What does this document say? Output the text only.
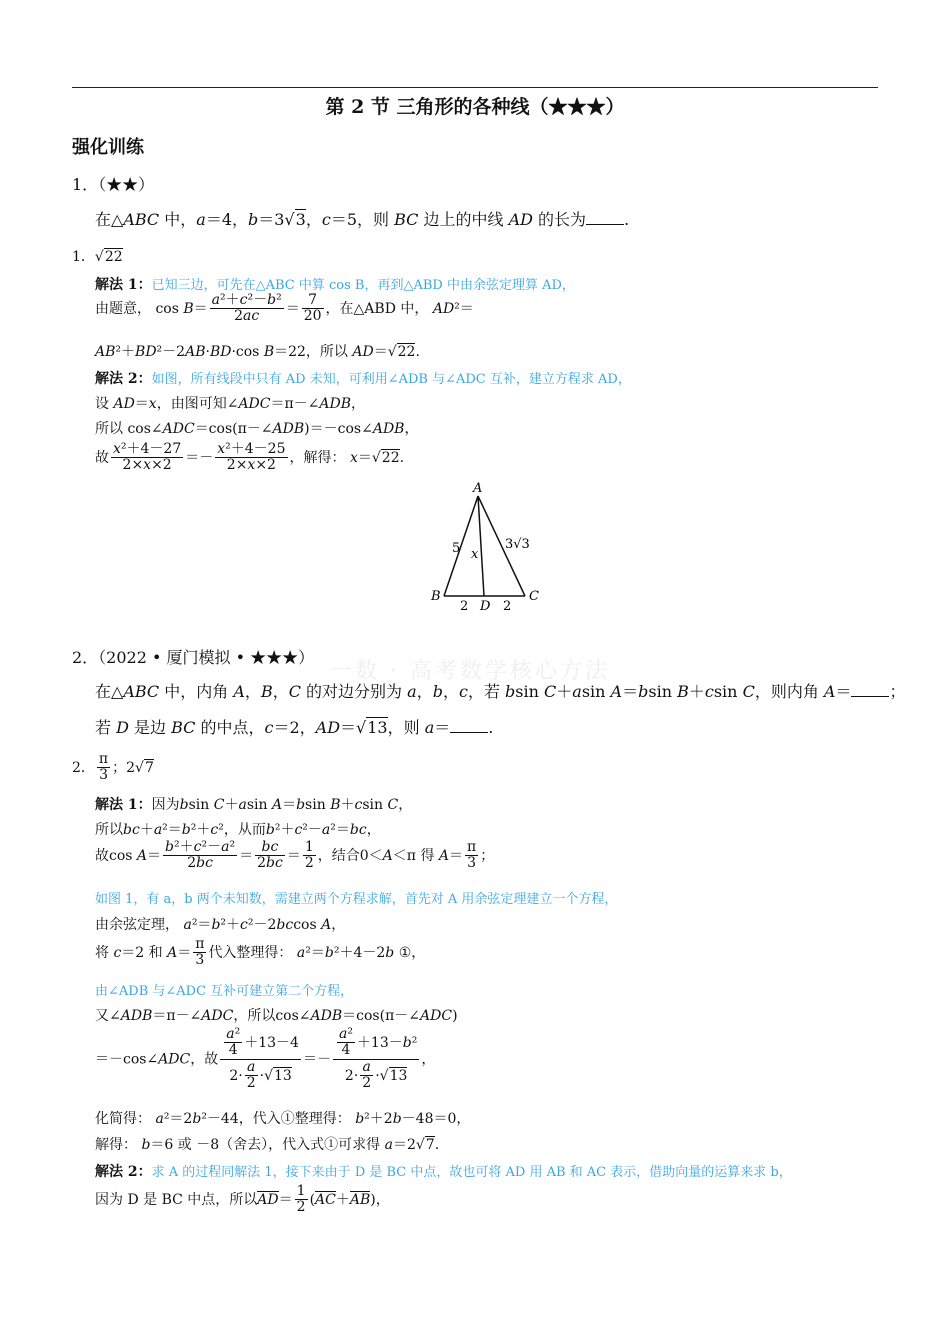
第 2 节 三角形的各种线（★★★）
强化训练
一数 · 高考数学核心方法
1．（★★）
在△ABC 中，a＝4，b＝3√3，c＝5，则 BC 边上的中线 AD 的长为 .
1．√22
解法 1：已知三边，可先在△ABC 中算 cos B，再到△ABD 中由余弦定理算 AD，
由题意， $\cos B= \frac{\text{a²＋c²－b²}}{2ac} = \frac{7}{20}$ ，在△ABD 中， AD²＝
AB²＋BD²－2AB·BD·cos B＝22，所以 AD＝√22.
解法 2：如图，所有线段中只有 AD 未知，可利用∠ADB 与∠ADC 互补，建立方程求 AD，
设 AD＝x，由图可知∠ADC＝π－∠ADB，
所以 cos∠ADC＝cos(π－∠ADB)＝－cos∠ADB，
故 $\frac{\text{x²＋4－27}}{2\times x\times 2} =- \frac{\text{x²＋4－25}}{2\times x\times 2}$ ，解得： x＝√22.
A
B	C
D
5	3√3
x
2	2
2．（2022 • 厦门模拟 • ★★★）
在△ABC 中，内角 A，B，C 的对边分别为 a，b，c，若 bsin C＋asin A＝bsin B＋csin C，则内角 A＝ ；
若 D 是边 BC 的中点，c＝2，AD＝√13，则 a＝ .
2． $\frac{\pi}{3}$ ；2√7
解法 1：因为bsin C＋asin A＝bsin B＋csin C，
所以bc＋a²＝b²＋c²，从而b²＋c²－a²＝bc，
故$\cos A= \frac{\text{b²＋c²－a²}}{2bc} = \frac{bc}{2bc} = \frac{1}{2}$ ，结合0＜A＜π 得 $A= \frac{\pi}{3}$ ；
如图 1，有 a，b 两个未知数，需建立两个方程求解，首先对 A 用余弦定理建立一个方程，
由余弦定理， a²＝b²＋c²－2bccos A，
将 c＝2 和 $A= \frac{\pi}{3}$ 代入整理得： a²＝b²＋4－2b ①，
由∠ADB 与∠ADC 互补可建立第二个方程，
又∠ADB＝π－∠ADC，所以cos∠ADB＝cos(π－∠ADC)
＝－cos∠ADC，故 $\frac{\frac{\text{a²}}{4} +13-4}{2\cdot \frac{a}{2} \cdot√13} =- \frac{\frac{\text{a²}}{4} +13-b^2}{2\cdot \frac{a}{2} \cdot√13}$ ，
化简得： a²＝2b²－44，代入①整理得： b²＋2b－48＝0，
解得： b＝6 或 －8（舍去），代入式①可求得 a＝2√7.
解法 2：求 A 的过程同解法 1，接下来由于 D 是 BC 中点，故也可将 AD 用 AB 和 AC 表示，借助向量的运算来求 b，
因为 D 是 BC 中点，所以$AD= \frac{1}{2} (AC+AB)$，
